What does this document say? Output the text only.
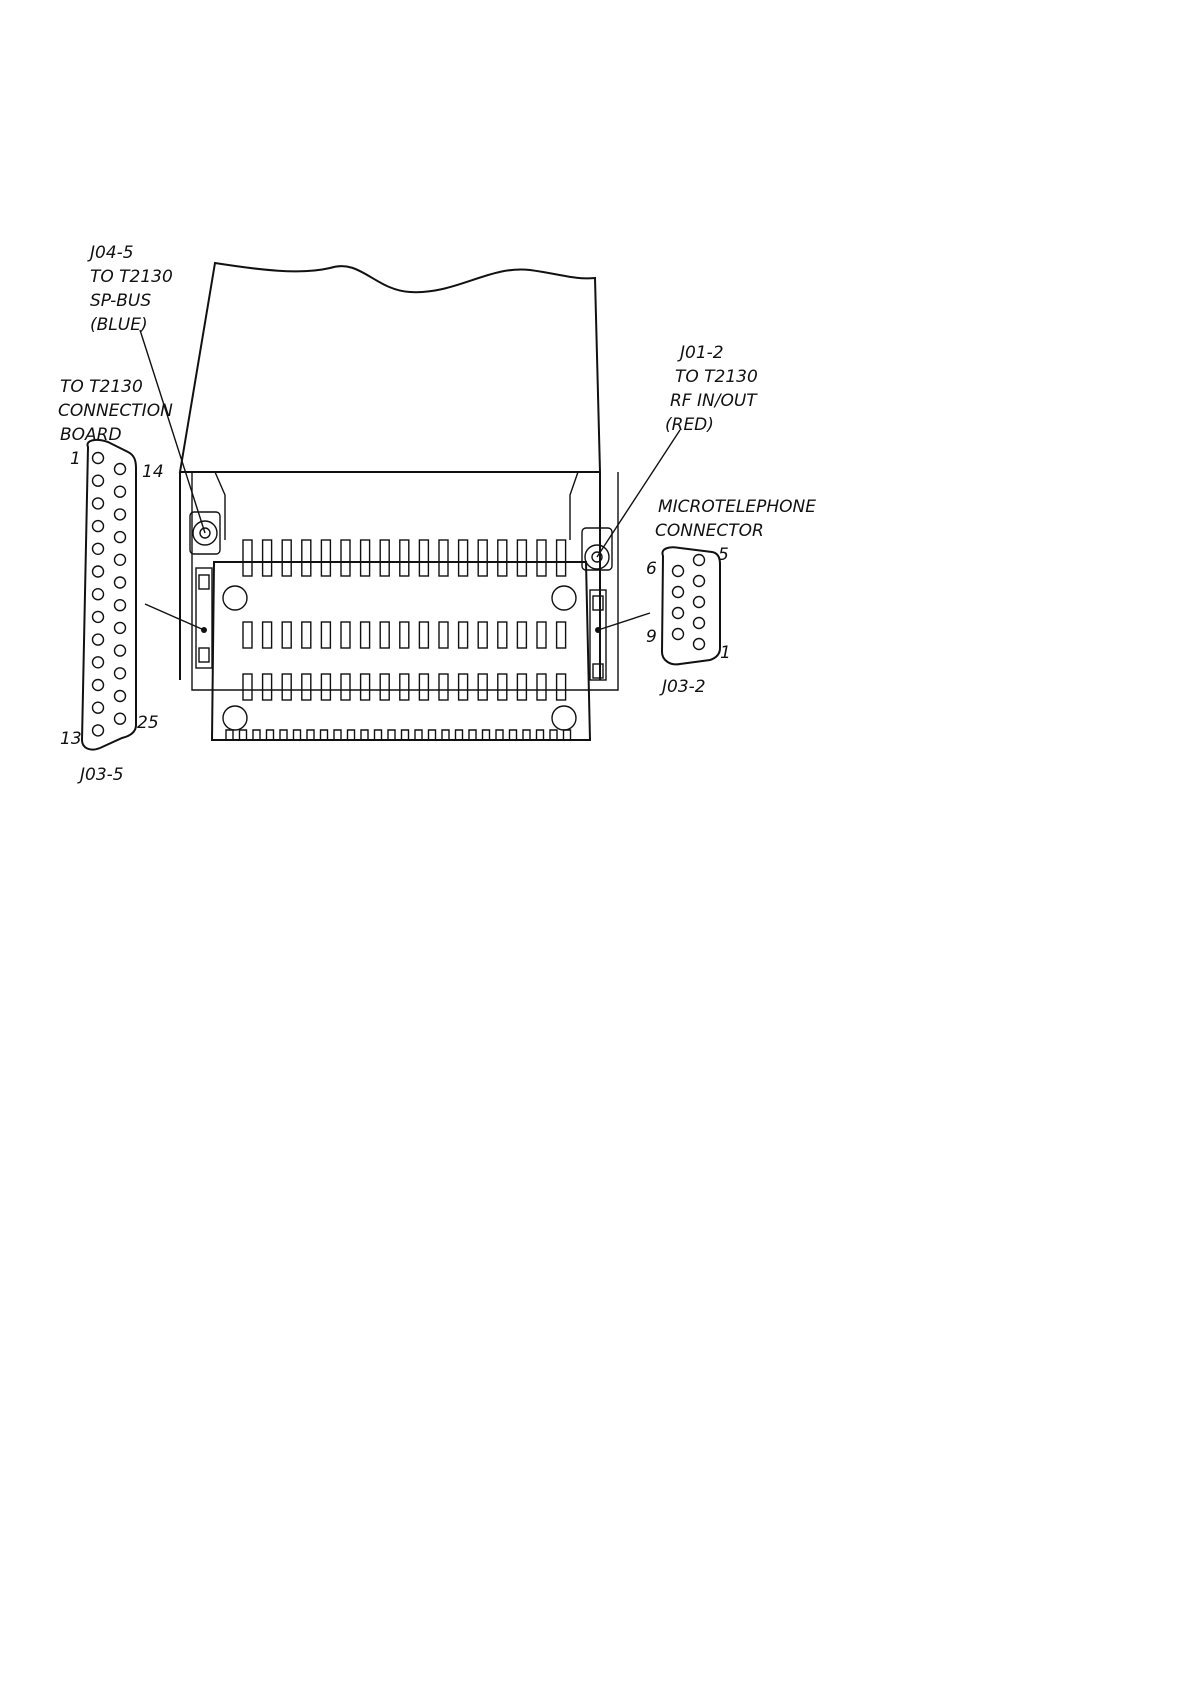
J04-5 TO T2130 SP-BUS (BLUE)
J01-2 TO T2130 RF IN/OUT (RED)
TO T2130 CONNECTION BOARD
MICROTELEPHONE CONNECTOR
J03-5
J03-2
1
14
13
25
6
5
9
1
